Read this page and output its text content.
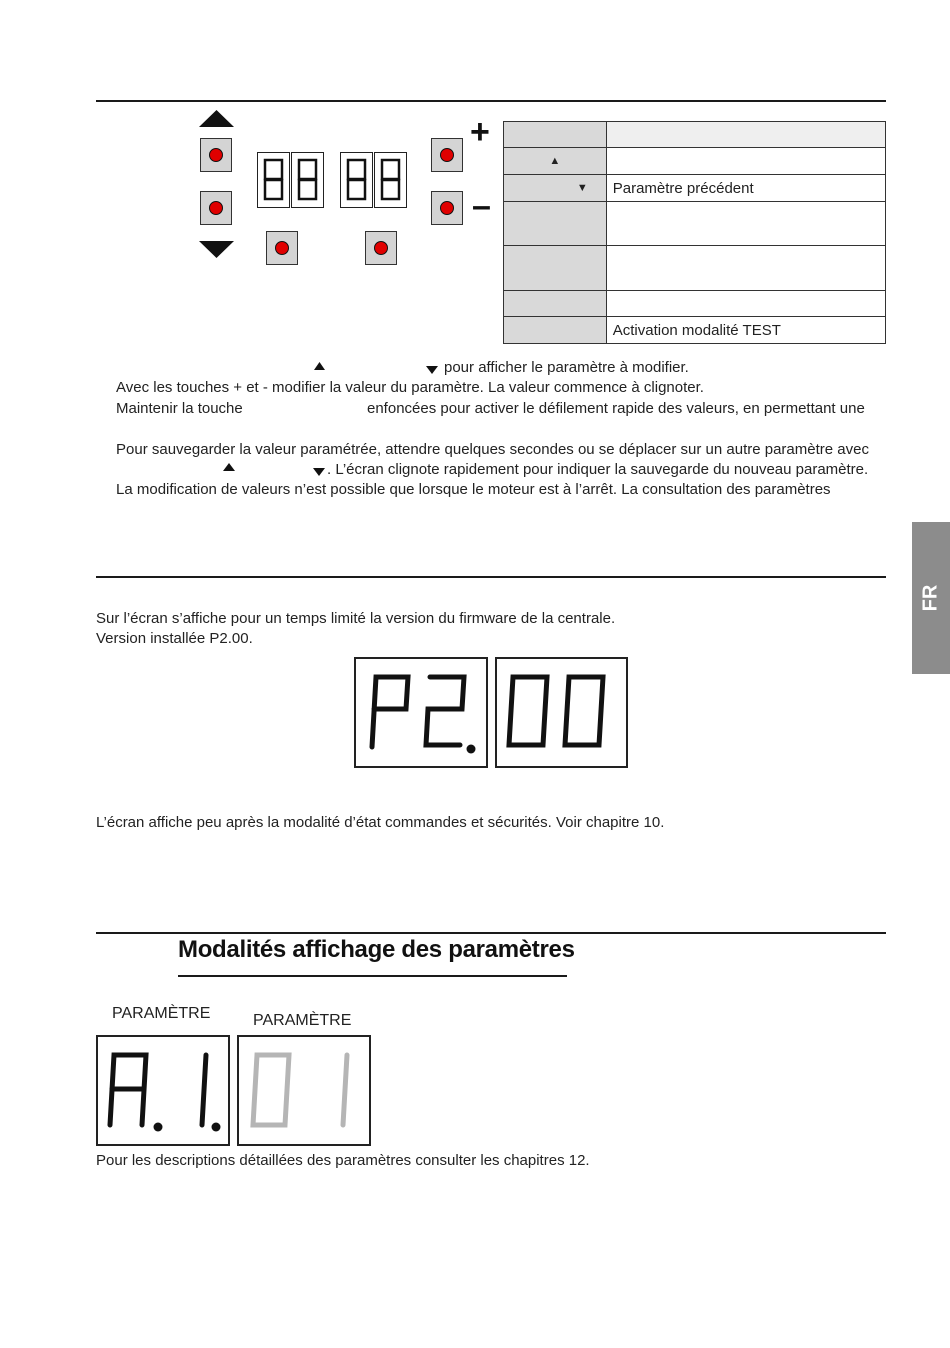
+
–

▲	
▼	Paramètre précédent

	Activation modalité TEST
pour afficher le paramètre à modifier.
Avec les touches + et - modifier la valeur du paramètre. La valeur commence à clignoter.
Maintenir la touche	enfoncées pour activer le défilement rapide des valeurs, en permettant une
Pour sauvegarder la valeur paramétrée, attendre quelques secondes ou se déplacer sur un autre paramètre avec
. L’écran clignote rapidement pour indiquer la sauvegarde du nouveau paramètre.
La modification de valeurs n’est possible que lorsque le moteur est à l’arrêt. La consultation des paramètres
FR
Sur l’écran s’affiche pour un temps limité la version du firmware de la centrale.
Version installée P2.00.
L’écran affiche peu après la modalité d’état commandes et sécurités. Voir chapitre 10.
Modalités affichage des paramètres
PARAMÈTRE	PARAMÈTRE
Pour les descriptions détaillées des paramètres consulter les chapitres 12.
